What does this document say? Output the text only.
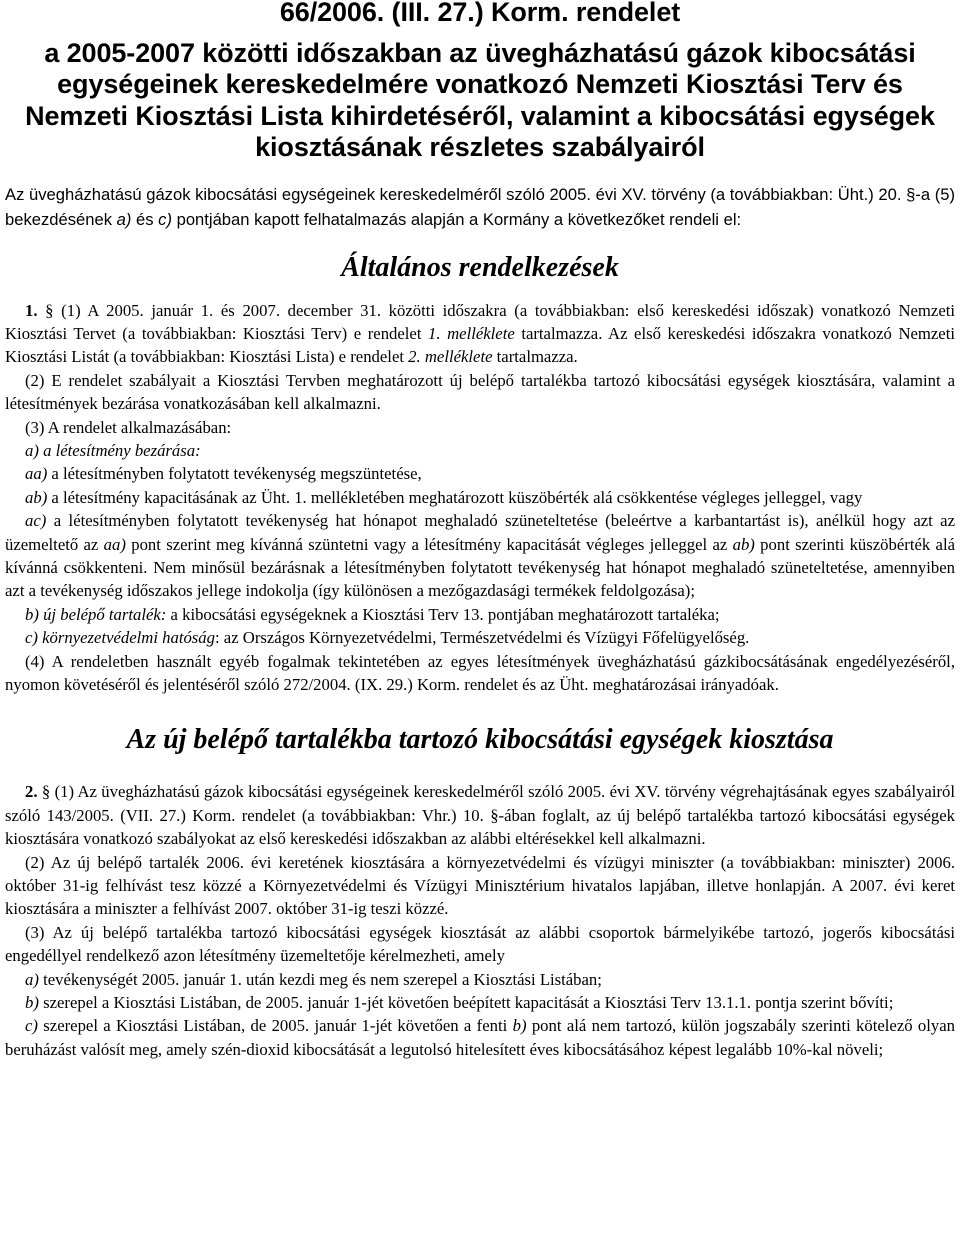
66/2006. (III. 27.) Korm. rendelet
a 2005-2007 közötti időszakban az üvegházhatású gázok kibocsátási egységeinek kereskedelmére vonatkozó Nemzeti Kiosztási Terv és Nemzeti Kiosztási Lista kihirdetéséről, valamint a kibocsátási egységek kiosztásának részletes szabályairól

Az üvegházhatású gázok kibocsátási egységeinek kereskedelméről szóló 2005. évi XV. törvény (a továbbiakban: Üht.) 20. §-a (5) bekezdésének a) és c) pontjában kapott felhatalmazás alapján a Kormány a következőket rendeli el:

Általános rendelkezések

1. § (1) A 2005. január 1. és 2007. december 31. közötti időszakra (a továbbiakban: első kereskedési időszak) vonatkozó Nemzeti Kiosztási Tervet (a továbbiakban: Kiosztási Terv) e rendelet 1. melléklete tartalmazza. Az első kereskedési időszakra vonatkozó Nemzeti Kiosztási Listát (a továbbiakban: Kiosztási Lista) e rendelet 2. melléklete tartalmazza.

(2) E rendelet szabályait a Kiosztási Tervben meghatározott új belépő tartalékba tartozó kibocsátási egységek kiosztására, valamint a létesítmények bezárása vonatkozásában kell alkalmazni.

(3) A rendelet alkalmazásában:

a) a létesítmény bezárása:

aa) a létesítményben folytatott tevékenység megszüntetése,

ab) a létesítmény kapacitásának az Üht. 1. mellékletében meghatározott küszöbérték alá csökkentése végleges jelleggel, vagy

ac) a létesítményben folytatott tevékenység hat hónapot meghaladó szüneteltetése (beleértve a karbantartást is), anélkül hogy azt az üzemeltető az aa) pont szerint meg kívánná szüntetni vagy a létesítmény kapacitását végleges jelleggel az ab) pont szerinti küszöbérték alá kívánná csökkenteni. Nem minősül bezárásnak a létesítményben folytatott tevékenység hat hónapot meghaladó szüneteltetése, amennyiben azt a tevékenység időszakos jellege indokolja (így különösen a mezőgazdasági termékek feldolgozása);

b) új belépő tartalék: a kibocsátási egységeknek a Kiosztási Terv 13. pontjában meghatározott tartaléka;

c) környezetvédelmi hatóság: az Országos Környezetvédelmi, Természetvédelmi és Vízügyi Főfelügyelőség.

(4) A rendeletben használt egyéb fogalmak tekintetében az egyes létesítmények üvegházhatású gázkibocsátásának engedélyezéséről, nyomon követéséről és jelentéséről szóló 272/2004. (IX. 29.) Korm. rendelet és az Üht. meghatározásai irányadóak.

Az új belépő tartalékba tartozó kibocsátási egységek kiosztása

2. § (1) Az üvegházhatású gázok kibocsátási egységeinek kereskedelméről szóló 2005. évi XV. törvény végrehajtásának egyes szabályairól szóló 143/2005. (VII. 27.) Korm. rendelet (a továbbiakban: Vhr.) 10. §-ában foglalt, az új belépő tartalékba tartozó kibocsátási egységek kiosztására vonatkozó szabályokat az első kereskedési időszakban az alábbi eltérésekkel kell alkalmazni.

(2) Az új belépő tartalék 2006. évi keretének kiosztására a környezetvédelmi és vízügyi miniszter (a továbbiakban: miniszter) 2006. október 31-ig felhívást tesz közzé a Környezetvédelmi és Vízügyi Minisztérium hivatalos lapjában, illetve honlapján. A 2007. évi keret kiosztására a miniszter a felhívást 2007. október 31-ig teszi közzé.

(3) Az új belépő tartalékba tartozó kibocsátási egységek kiosztását az alábbi csoportok bármelyikébe tartozó, jogerős kibocsátási engedéllyel rendelkező azon létesítmény üzemeltetője kérelmezheti, amely

a) tevékenységét 2005. január 1. után kezdi meg és nem szerepel a Kiosztási Listában;

b) szerepel a Kiosztási Listában, de 2005. január 1-jét követően beépített kapacitását a Kiosztási Terv 13.1.1. pontja szerint bővíti;

c) szerepel a Kiosztási Listában, de 2005. január 1-jét követően a fenti b) pont alá nem tartozó, külön jogszabály szerinti kötelező olyan beruházást valósít meg, amely szén-dioxid kibocsátását a legutolsó hitelesített éves kibocsátásához képest legalább 10%-kal növeli;
